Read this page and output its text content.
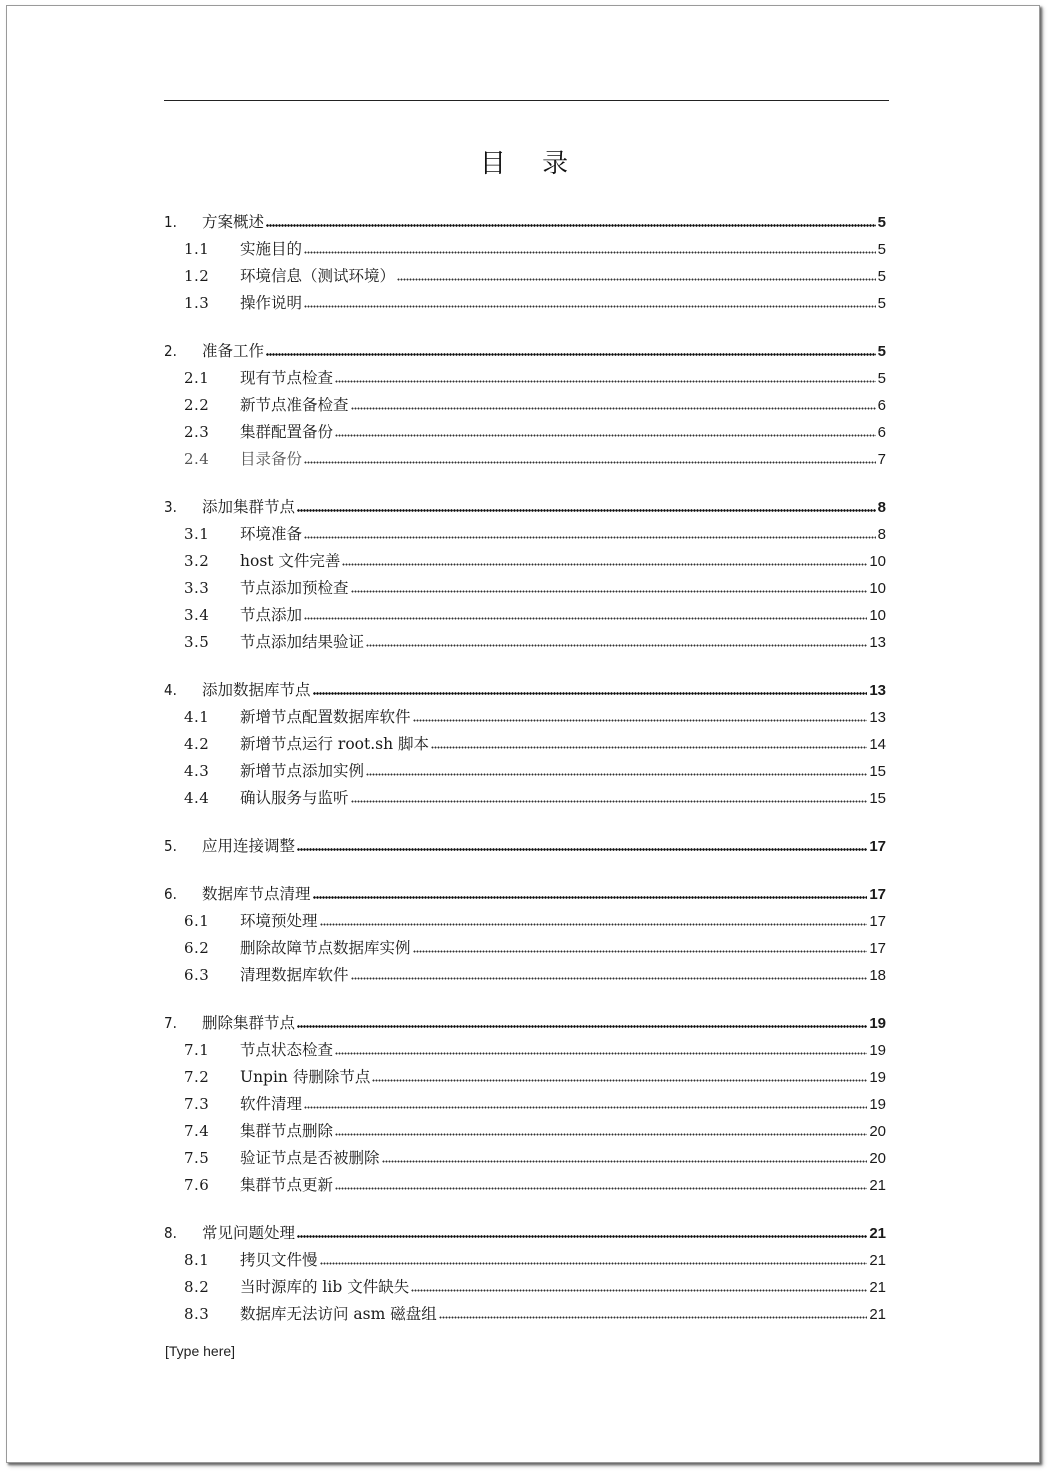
目 录
1.	方案概述	5
1.1	实施目的	5
1.2	环境信息（测试环境）	5
1.3	操作说明	5
2.	准备工作	5
2.1	现有节点检查	5
2.2	新节点准备检查	6
2.3	集群配置备份	6
2.4	目录备份	7
3.	添加集群节点	8
3.1	环境准备	8
3.2	host 文件完善	10
3.3	节点添加预检查	10
3.4	节点添加	10
3.5	节点添加结果验证	13
4.	添加数据库节点	13
4.1	新增节点配置数据库软件	13
4.2	新增节点运行 root.sh 脚本	14
4.3	新增节点添加实例	15
4.4	确认服务与监听	15
5.	应用连接调整	17
6.	数据库节点清理	17
6.1	环境预处理	17
6.2	删除故障节点数据库实例	17
6.3	清理数据库软件	18
7.	删除集群节点	19
7.1	节点状态检查	19
7.2	Unpin 待删除节点	19
7.3	软件清理	19
7.4	集群节点删除	20
7.5	验证节点是否被删除	20
7.6	集群节点更新	21
8.	常见问题处理	21
8.1	拷贝文件慢	21
8.2	当时源库的 lib 文件缺失	21
8.3	数据库无法访问 asm 磁盘组	21
[Type here]
